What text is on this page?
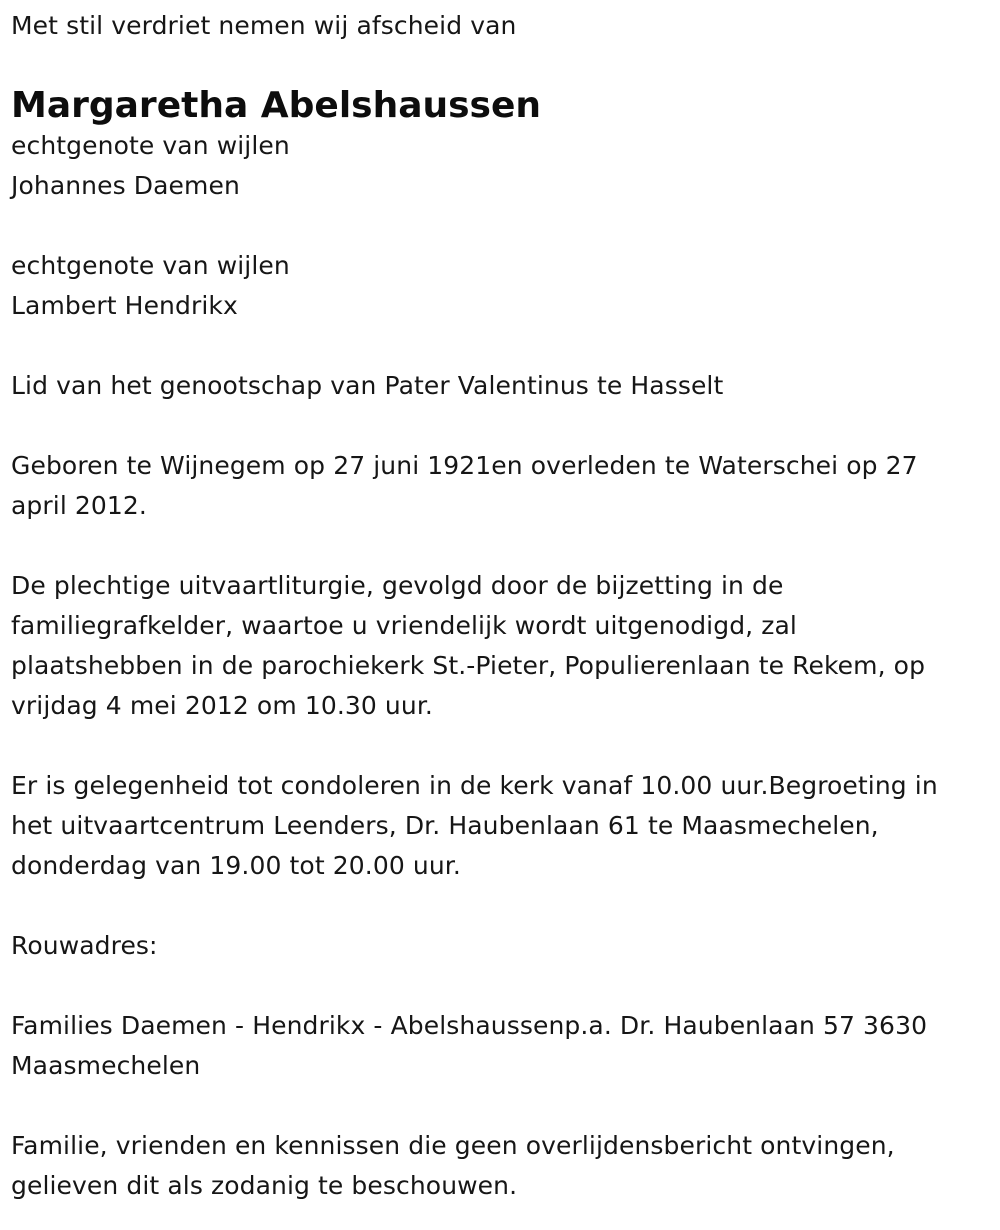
Met stil verdriet nemen wij afscheid van

Margaretha Abelshaussen

echtgenote van wijlen

Johannes Daemen

echtgenote van wijlen

Lambert Hendrikx

Lid van het genootschap van Pater Valentinus te Hasselt

Geboren te Wijnegem op 27 juni 1921en overleden te Waterschei op 27

april 2012.

De plechtige uitvaartliturgie, gevolgd door de bijzetting in de

familiegrafkelder, waartoe u vriendelijk wordt uitgenodigd, zal

plaatshebben in de parochiekerk St.-Pieter, Populierenlaan te Rekem, op

vrijdag 4 mei 2012 om 10.30 uur.

Er is gelegenheid tot condoleren in de kerk vanaf 10.00 uur.Begroeting in

het uitvaartcentrum Leenders, Dr. Haubenlaan 61 te Maasmechelen,

donderdag van 19.00 tot 20.00 uur.

Rouwadres:

Families Daemen - Hendrikx - Abelshaussenp.a. Dr. Haubenlaan 57 3630

Maasmechelen

Familie, vrienden en kennissen die geen overlijdensbericht ontvingen,

gelieven dit als zodanig te beschouwen.
